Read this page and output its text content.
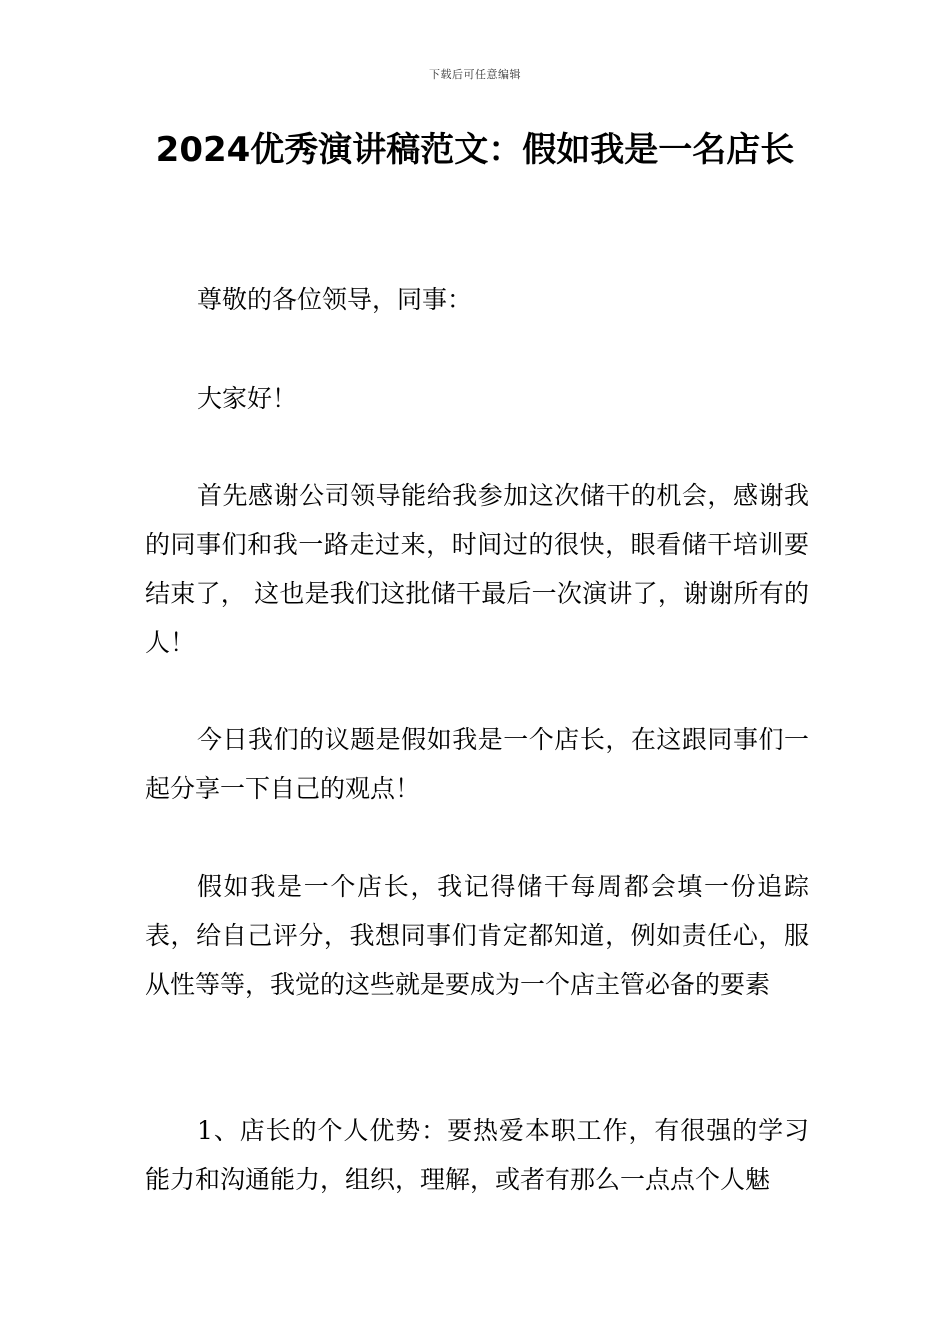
下载后可任意编辑
2024优秀演讲稿范文：假如我是一名店长

尊敬的各位领导，同事：

大家好！

首先感谢公司领导能给我参加这次储干的机会，感谢我的同事们和我一路走过来，时间过的很快，眼看储干培训要结束了， 这也是我们这批储干最后一次演讲了，谢谢所有的人！

今日我们的议题是假如我是一个店长，在这跟同事们一起分享一下自己的观点！

假如我是一个店长，我记得储干每周都会填一份追踪表，给自己评分，我想同事们肯定都知道，例如责任心，服从性等等，我觉的这些就是要成为一个店主管必备的要素

1、店长的个人优势：要热爱本职工作，有很强的学习能力和沟通能力，组织，理解，或者有那么一点点个人魅
